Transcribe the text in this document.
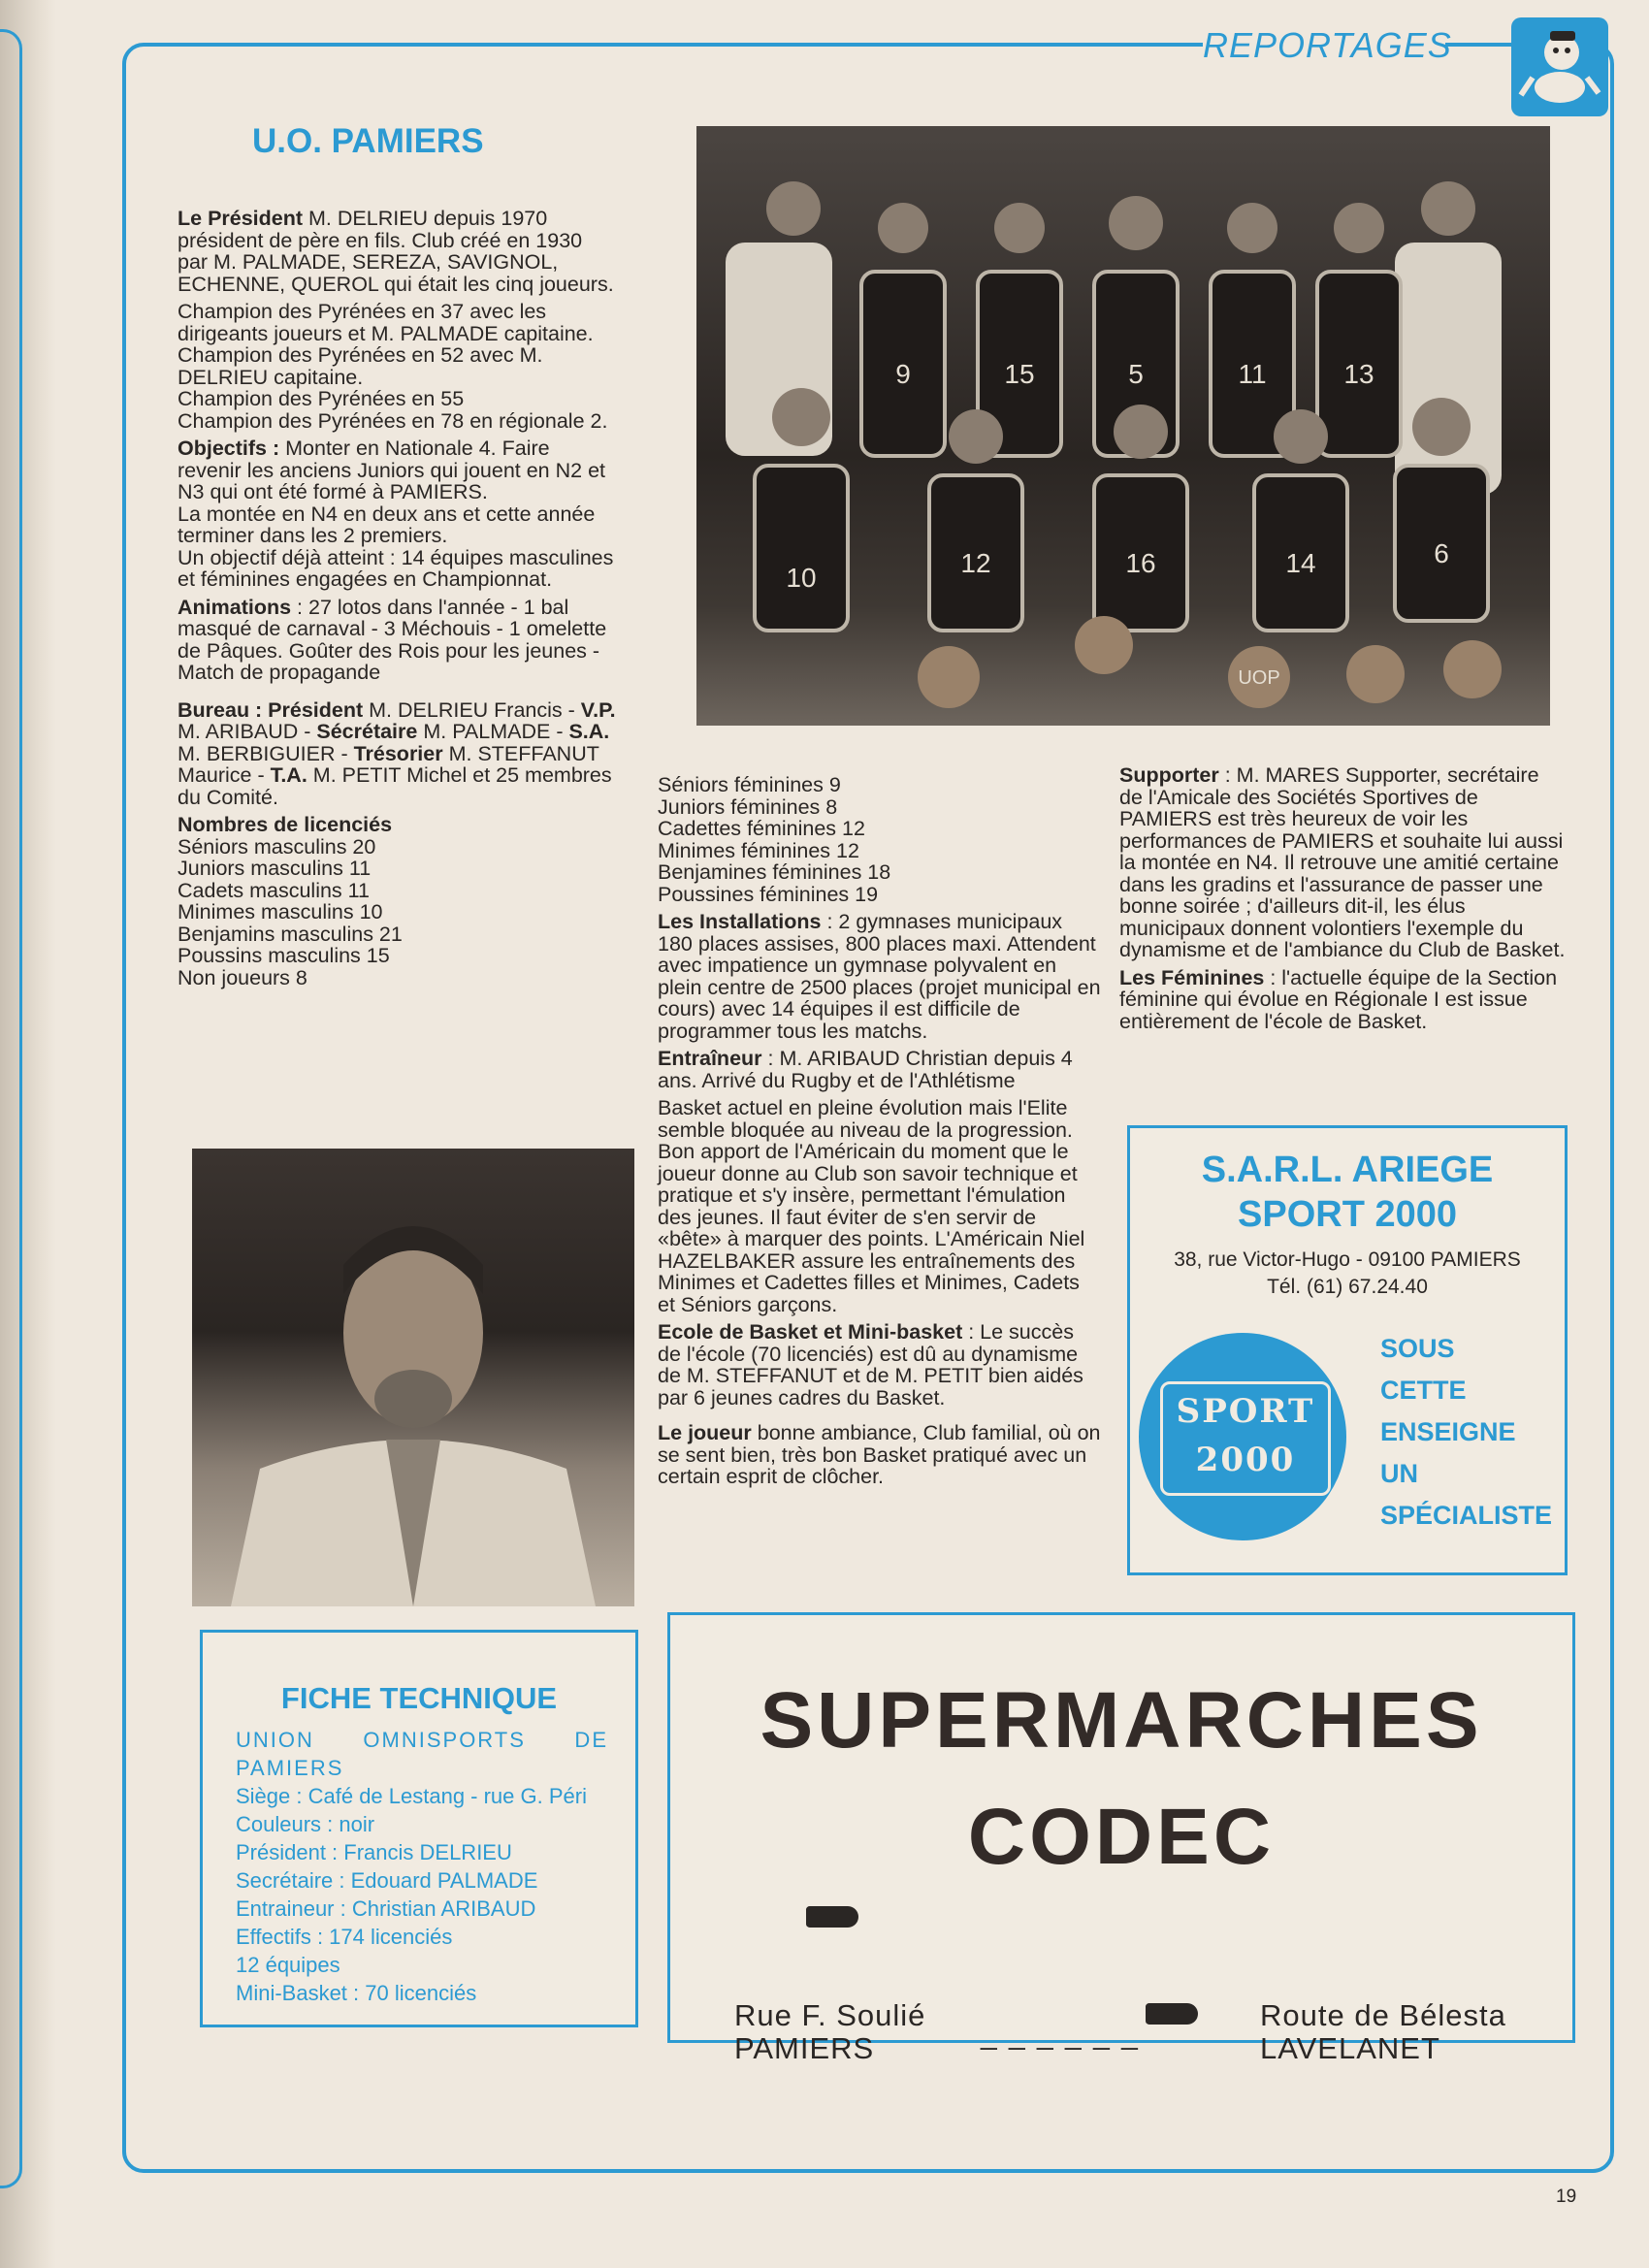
REPORTAGES
U.O. PAMIERS

Le Président M. DELRIEU depuis 1970 président de père en fils. Club créé en 1930 par M. PALMADE, SEREZA, SAVIGNOL, ECHENNE, QUEROL qui était les cinq joueurs.

Champion des Pyrénées en 37 avec les dirigeants joueurs et M. PALMADE capitaine.

Champion des Pyrénées en 52 avec M. DELRIEU capitaine.

Champion des Pyrénées en 55

Champion des Pyrénées en 78 en régionale 2.

Objectifs : Monter en Nationale 4. Faire revenir les anciens Juniors qui jouent en N2 et N3 qui ont été formé à PAMIERS.

La montée en N4 en deux ans et cette année terminer dans les 2 premiers.

Un objectif déjà atteint : 14 équipes masculines et féminines engagées en Championnat.

Animations : 27 lotos dans l'année - 1 bal masqué de carnaval - 3 Méchouis - 1 omelette de Pâques. Goûter des Rois pour les jeunes - Match de propagande

Bureau : Président M. DELRIEU Francis - V.P. M. ARIBAUD - Sécrétaire M. PALMADE - S.A. M. BERBIGUIER - Trésorier M. STEFFANUT Maurice - T.A. M. PETIT Michel et 25 membres du Comité.

Nombres de licenciés

Séniors masculins 20
Juniors masculins 11
Cadets masculins 11
Minimes masculins 10
Benjamins masculins 21
Poussins masculins 15
Non joueurs 8
9	15	5	11	13
10	12	16	14	6
UOP
Séniors féminines 9
Juniors féminines 8
Cadettes féminines 12
Minimes féminines 12
Benjamines féminines 18
Poussines féminines 19

Les Installations : 2 gymnases municipaux 180 places assises, 800 places maxi. Attendent avec impatience un gymnase polyvalent en plein centre de 2500 places (projet municipal en cours) avec 14 équipes il est difficile de programmer tous les matchs.

Entraîneur : M. ARIBAUD Christian depuis 4 ans. Arrivé du Rugby et de l'Athlétisme

Basket actuel en pleine évolution mais l'Elite semble bloquée au niveau de la progression. Bon apport de l'Américain du moment que le joueur donne au Club son savoir technique et pratique et s'y insère, permettant l'émulation des jeunes. Il faut éviter de s'en servir de «bête» à marquer des points. L'Américain Niel HAZELBAKER assure les entraînements des Minimes et Cadettes filles et Minimes, Cadets et Séniors garçons.

Ecole de Basket et Mini-basket : Le succès de l'école (70 licenciés) est dû au dynamisme de M. STEFFANUT et de M. PETIT bien aidés par 6 jeunes cadres du Basket.

Le joueur bonne ambiance, Club familial, où on se sent bien, très bon Basket pratiqué avec un certain esprit de clôcher.

Supporter : M. MARES Supporter, secrétaire de l'Amicale des Sociétés Sportives de PAMIERS est très heureux de voir les performances de PAMIERS et souhaite lui aussi la montée en N4. Il retrouve une amitié certaine dans les gradins et l'assurance de passer une bonne soirée ; d'ailleurs dit-il, les élus municipaux donnent volontiers l'exemple du dynamisme et de l'ambiance du Club de Basket.

Les Féminines : l'actuelle équipe de la Section féminine qui évolue en Régionale I est issue entièrement de l'école de Basket.

S.A.R.L. ARIEGE
SPORT 2000
38, rue Victor-Hugo - 09100 PAMIERS
Tél. (61) 67.24.40
SOUS
CETTE
ENSEIGNE
UN
SPÉCIALISTE
SPORT
2000
FICHE TECHNIQUE
UNION OMNISPORTS DE PAMIERS
Siège : Café de Lestang - rue G. Péri
Couleurs : noir
Président : Francis DELRIEU
Secrétaire : Edouard PALMADE
Entraineur : Christian ARIBAUD
Effectifs : 174 licenciés
12 équipes
Mini-Basket : 70 licenciés
SUPERMARCHES
CODEC
Rue F. Soulié
PAMIERS	_ _ _ _ _ _
Route de Bélesta
LAVELANET
19
